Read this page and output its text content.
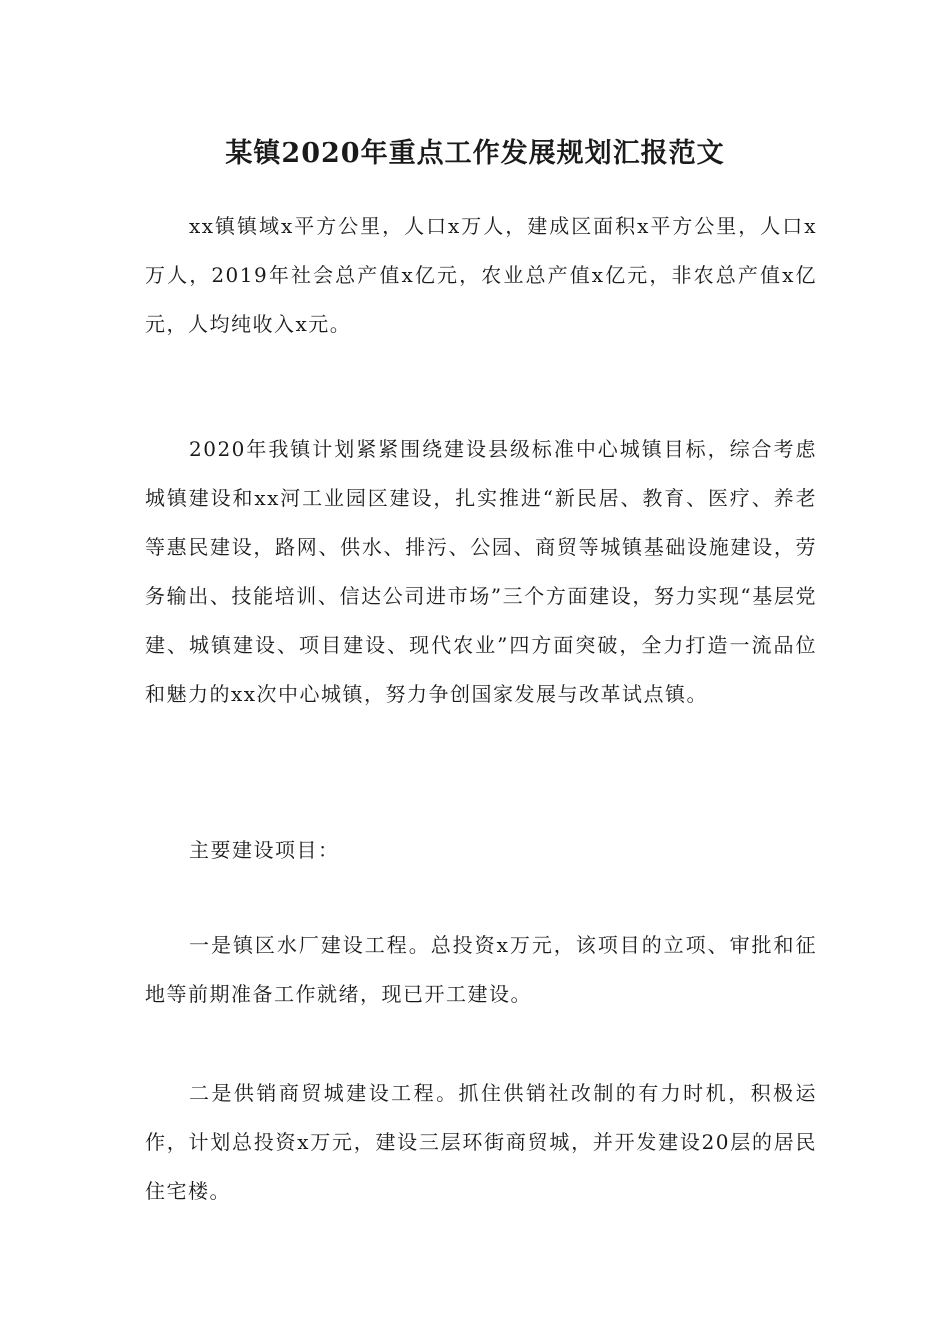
某镇2020年重点工作发展规划汇报范文

xx镇镇域x平方公里，人口x万人，建成区面积x平方公里，人口x万人，2019年社会总产值x亿元，农业总产值x亿元，非农总产值x亿元，人均纯收入x元。

2020年我镇计划紧紧围绕建设县级标准中心城镇目标，综合考虑城镇建设和xx河工业园区建设，扎实推进“新民居、教育、医疗、养老等惠民建设，路网、供水、排污、公园、商贸等城镇基础设施建设，劳务输出、技能培训、信达公司进市场”三个方面建设，努力实现“基层党建、城镇建设、项目建设、现代农业”四方面突破，全力打造一流品位和魅力的xx次中心城镇，努力争创国家发展与改革试点镇。

主要建设项目：

一是镇区水厂建设工程。总投资x万元，该项目的立项、审批和征地等前期准备工作就绪，现已开工建设。

二是供销商贸城建设工程。抓住供销社改制的有力时机，积极运作，计划总投资x万元，建设三层环街商贸城，并开发建设20层的居民住宅楼。
